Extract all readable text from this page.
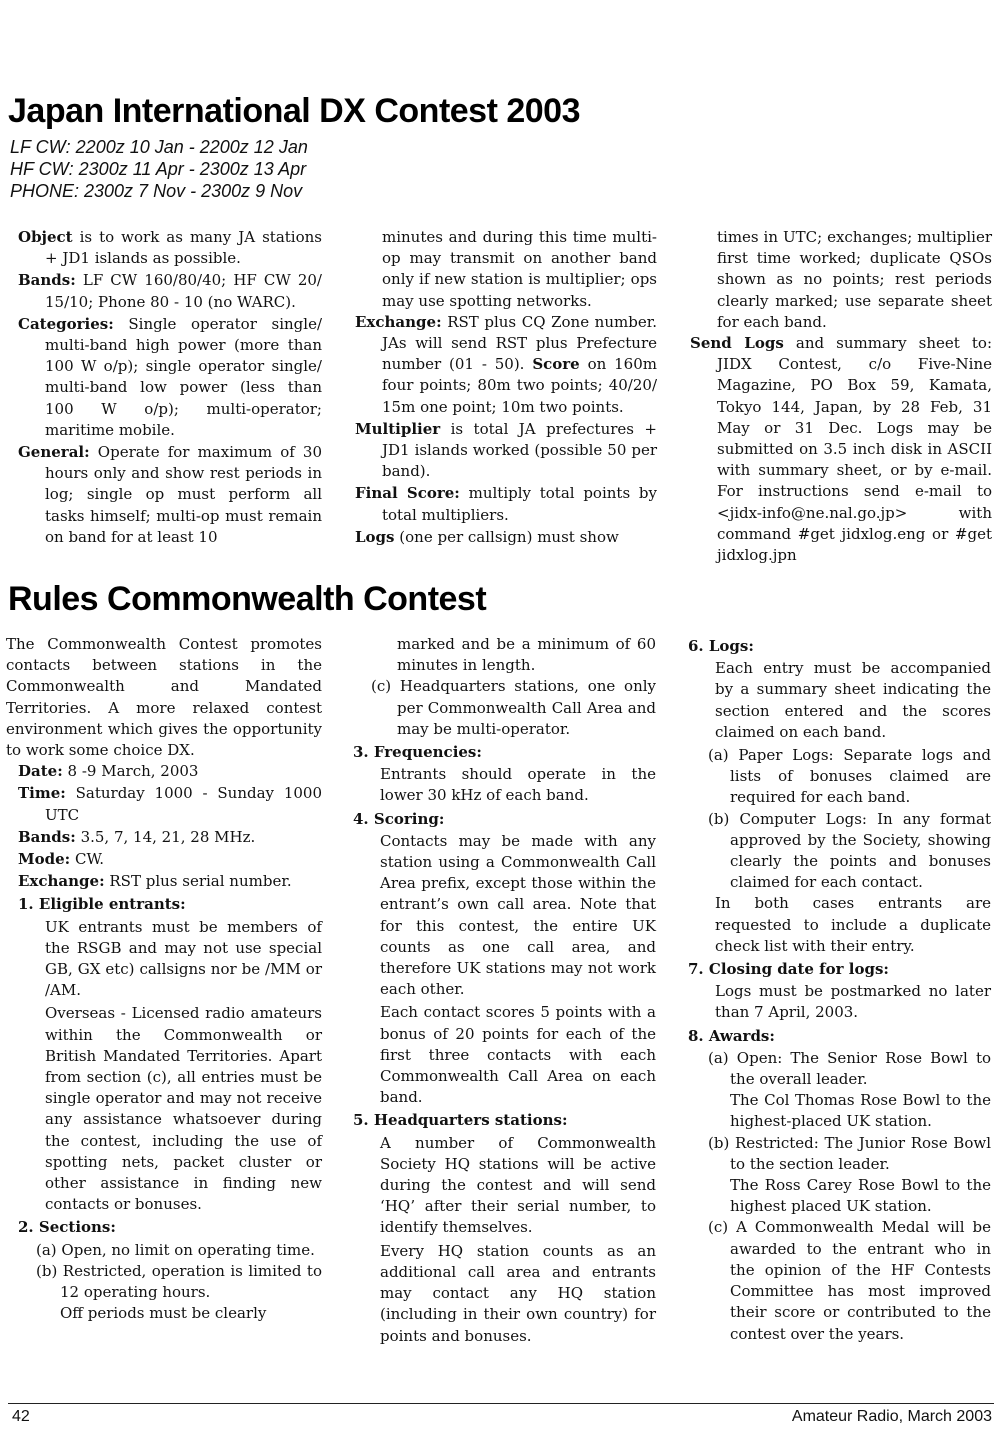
Japan International DX Contest 2003
LF CW: 2200z 10 Jan - 2200z 12 Jan
HF CW: 2300z 11 Apr - 2300z 13 Apr
PHONE: 2300z 7 Nov - 2300z 9 Nov

Object is to work as many JA stations + JD1 islands as possible.

Bands: LF CW 160/80/40; HF CW 20/ 15/10; Phone 80 - 10 (no WARC).

Categories: Single operator single/ multi-band high power (more than 100 W o/p); single operator single/ multi-band low power (less than 100 W o/p); multi-operator; maritime mobile.

General: Operate for maximum of 30 hours only and show rest periods in log; single op must perform all tasks himself; multi-op must remain on band for at least 10

minutes and during this time multi-op may transmit on another band only if new station is multiplier; ops may use spotting networks.

Exchange: RST plus CQ Zone number. JAs will send RST plus Prefecture number (01 - 50). Score on 160m four points; 80m two points; 40/20/ 15m one point; 10m two points.

Multiplier is total JA prefectures + JD1 islands worked (possible 50 per band).

Final Score: multiply total points by total multipliers.

Logs (one per callsign) must show

times in UTC; exchanges; multiplier first time worked; duplicate QSOs shown as no points; rest periods clearly marked; use separate sheet for each band.

Send Logs and summary sheet to: JIDX Contest, c/o Five-Nine Magazine, PO Box 59, Kamata, Tokyo 144, Japan, by 28 Feb, 31 May or 31 Dec. Logs may be submitted on 3.5 inch disk in ASCII with summary sheet, or by e-mail. For instructions send e-mail to <jidx-info@ne.nal.go.jp> with command #get jidxlog.eng or #get jidxlog.jpn

Rules Commonwealth Contest

The Commonwealth Contest promotes contacts between stations in the Commonwealth and Mandated Territories. A more relaxed contest environment which gives the opportunity to work some choice DX.

Date: 8 -9 March, 2003

Time: Saturday 1000 - Sunday 1000 UTC

Bands: 3.5, 7, 14, 21, 28 MHz.

Mode: CW.

Exchange: RST plus serial number.

1. Eligible entrants:

UK entrants must be members of the RSGB and may not use special GB, GX etc) callsigns nor be /MM or /AM.

Overseas - Licensed radio amateurs within the Commonwealth or British Mandated Territories. Apart from section (c), all entries must be single operator and may not receive any assistance whatsoever during the contest, including the use of spotting nets, packet cluster or other assistance in finding new contacts or bonuses.

2. Sections:

(a) Open, no limit on operating time.

(b) Restricted, operation is limited to 12 operating hours.

Off periods must be clearly

marked and be a minimum of 60 minutes in length.

(c) Headquarters stations, one only per Commonwealth Call Area and may be multi-operator.

3. Frequencies:

Entrants should operate in the lower 30 kHz of each band.

4. Scoring:

Contacts may be made with any station using a Commonwealth Call Area prefix, except those within the entrant’s own call area. Note that for this contest, the entire UK counts as one call area, and therefore UK stations may not work each other.

Each contact scores 5 points with a bonus of 20 points for each of the first three contacts with each Commonwealth Call Area on each band.

5. Headquarters stations:

A number of Commonwealth Society HQ stations will be active during the contest and will send ‘HQ’ after their serial number, to identify themselves.

Every HQ station counts as an additional call area and entrants may contact any HQ station (including in their own country) for points and bonuses.

6. Logs:

Each entry must be accompanied by a summary sheet indicating the section entered and the scores claimed on each band.

(a) Paper Logs: Separate logs and lists of bonuses claimed are required for each band.

(b) Computer Logs: In any format approved by the Society, showing clearly the points and bonuses claimed for each contact.

In both cases entrants are requested to include a duplicate check list with their entry.

7. Closing date for logs:

Logs must be postmarked no later than 7 April, 2003.

8. Awards:

(a) Open: The Senior Rose Bowl to the overall leader.

The Col Thomas Rose Bowl to the highest-placed UK station.

(b) Restricted: The Junior Rose Bowl to the section leader.

The Ross Carey Rose Bowl to the highest placed UK station.

(c) A Commonwealth Medal will be awarded to the entrant who in the opinion of the HF Contests Committee has most improved their score or contributed to the contest over the years.

42	Amateur Radio, March 2003
